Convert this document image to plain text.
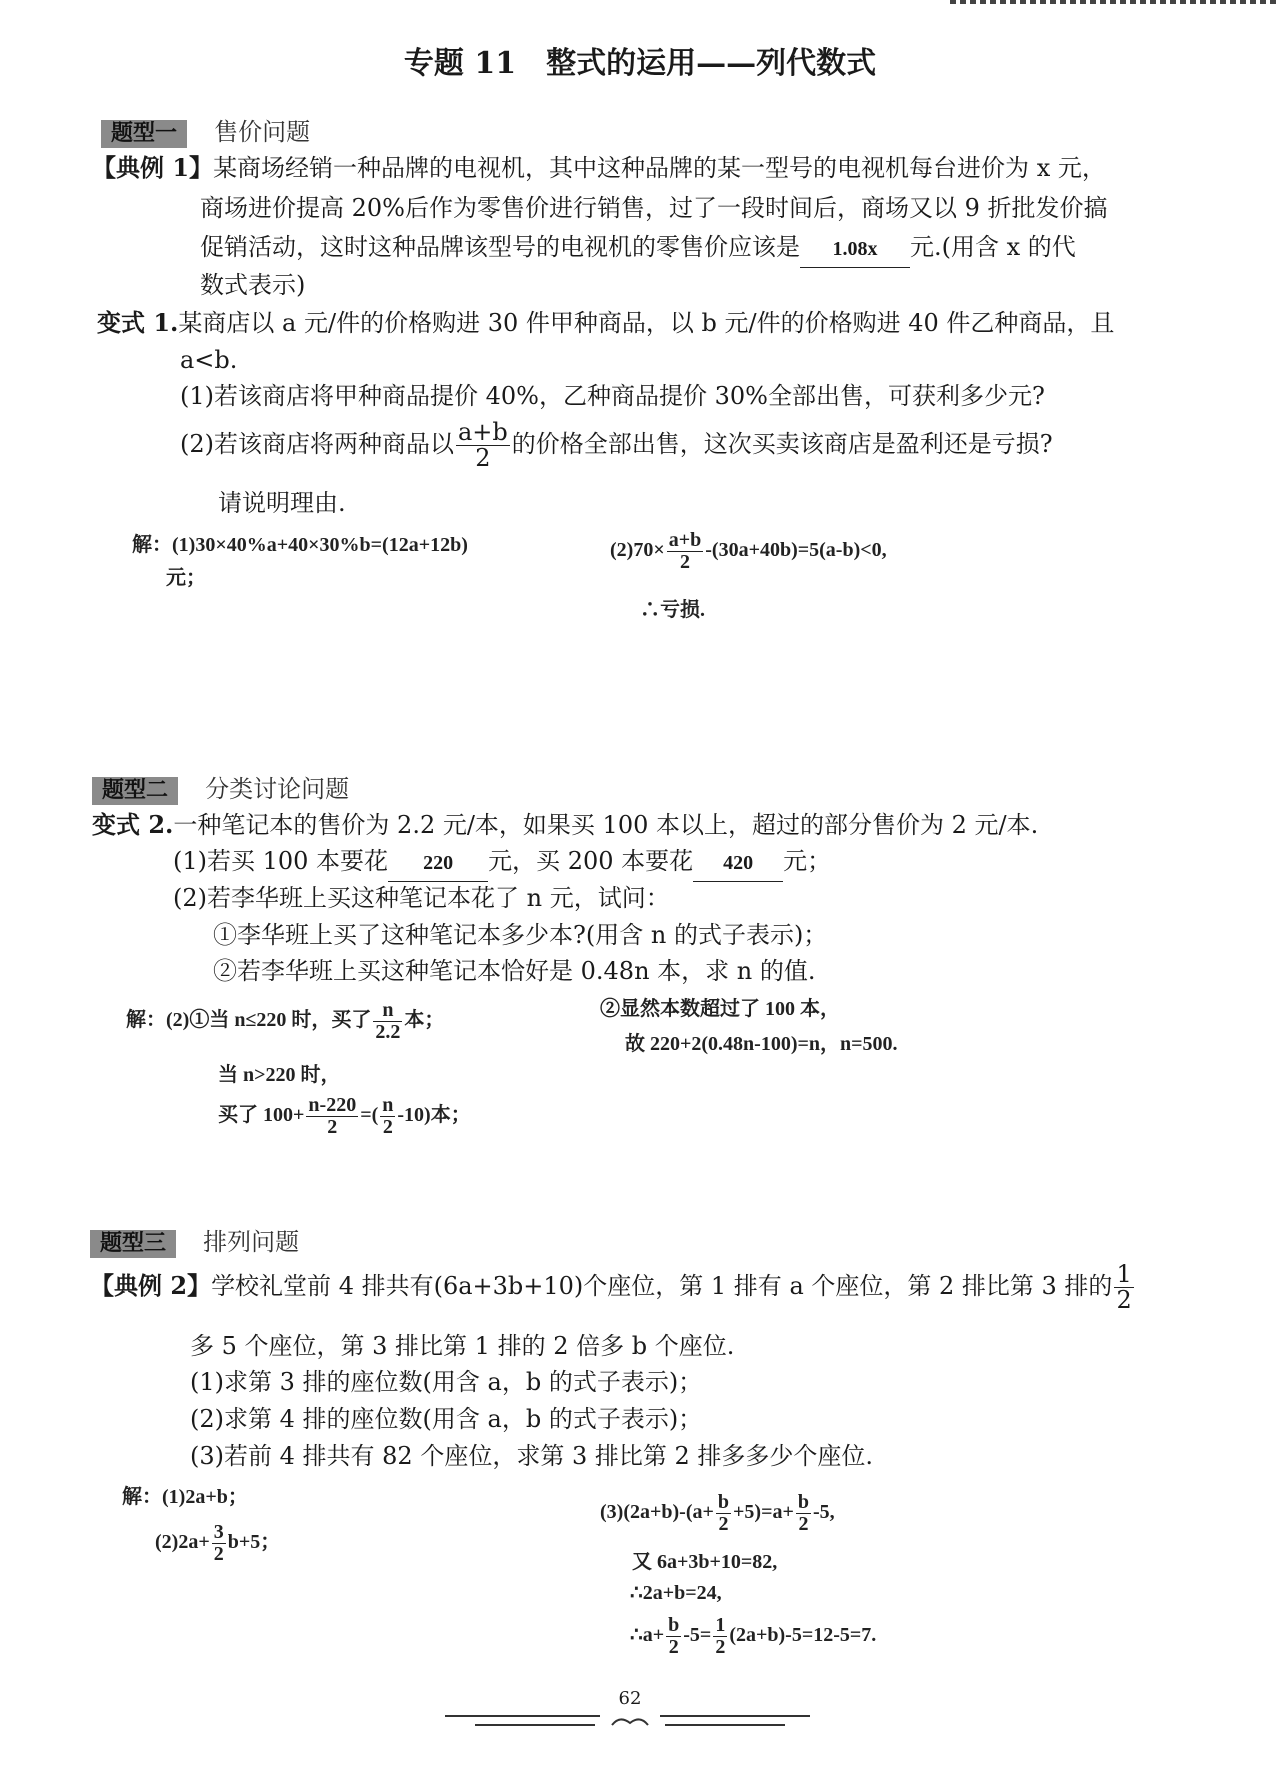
专题 11　整式的运用——列代数式
题型一 售价问题
【典例 1】某商场经销一种品牌的电视机，其中这种品牌的某一型号的电视机每台进价为 x 元，
商场进价提高 20%后作为零售价进行销售，过了一段时间后，商场又以 9 折批发价搞
促销活动，这时这种品牌该型号的电视机的零售价应该是 1.08x 元.(用含 x 的代
数式表示)
变式 1.某商店以 a 元/件的价格购进 30 件甲种商品，以 b 元/件的价格购进 40 件乙种商品，且
a<b.
(1)若该商店将甲种商品提价 40%，乙种商品提价 30%全部出售，可获利多少元?
(2)若该商店将两种商品以 $\frac{a+b}{2}$ 的价格全部出售，这次买卖该商店是盈利还是亏损?
请说明理由.
解：(1)30×40%a+40×30%b=(12a+12b)
元；
$(2)70\times \frac{a+b}{2} -(30a+40b)=5(a-b)<0$,
∴亏损.
题型二 分类讨论问题
变式 2.一种笔记本的售价为 2.2 元/本，如果买 100 本以上，超过的部分售价为 2 元/本.
(1)若买 100 本要花 220 元，买 200 本要花 420 元；
(2)若李华班上买这种笔记本花了 n 元，试问：
①李华班上买了这种笔记本多少本?(用含 n 的式子表示)；
②若李华班上买这种笔记本恰好是 0.48n 本，求 n 的值.
解：(2)①当 n≤220 时，买了 $\frac{n}{2.2}$ 本；
当 n>220 时，
买了 $100+ \frac{n-220}{2}$ =( $\frac{n}{2} -10$)本；
②显然本数超过了 100 本，
故 220+2(0.48n-100)=n，n=500.
题型三 排列问题
【典例 2】学校礼堂前 4 排共有(6a+3b+10)个座位，第 1 排有 a 个座位，第 2 排比第 3 排的 $\frac{1}{2}$
多 5 个座位，第 3 排比第 1 排的 2 倍多 b 个座位.
(1)求第 3 排的座位数(用含 a，b 的式子表示)；
(2)求第 4 排的座位数(用含 a，b 的式子表示)；
(3)若前 4 排共有 82 个座位，求第 3 排比第 2 排多多少个座位.
解：(1)2a+b；
$(2)2a+ \frac{3}{2} b+5$；
$(3)(2a+b)-(a+ \frac{b}{2} +5)=a+ \frac{b}{2} -5$,
又 6a+3b+10=82,
∴2a+b=24,
∴a+ $\frac{b}{2} -5= \frac{1}{2} (2a+b)-5=12-5=7$.
62
